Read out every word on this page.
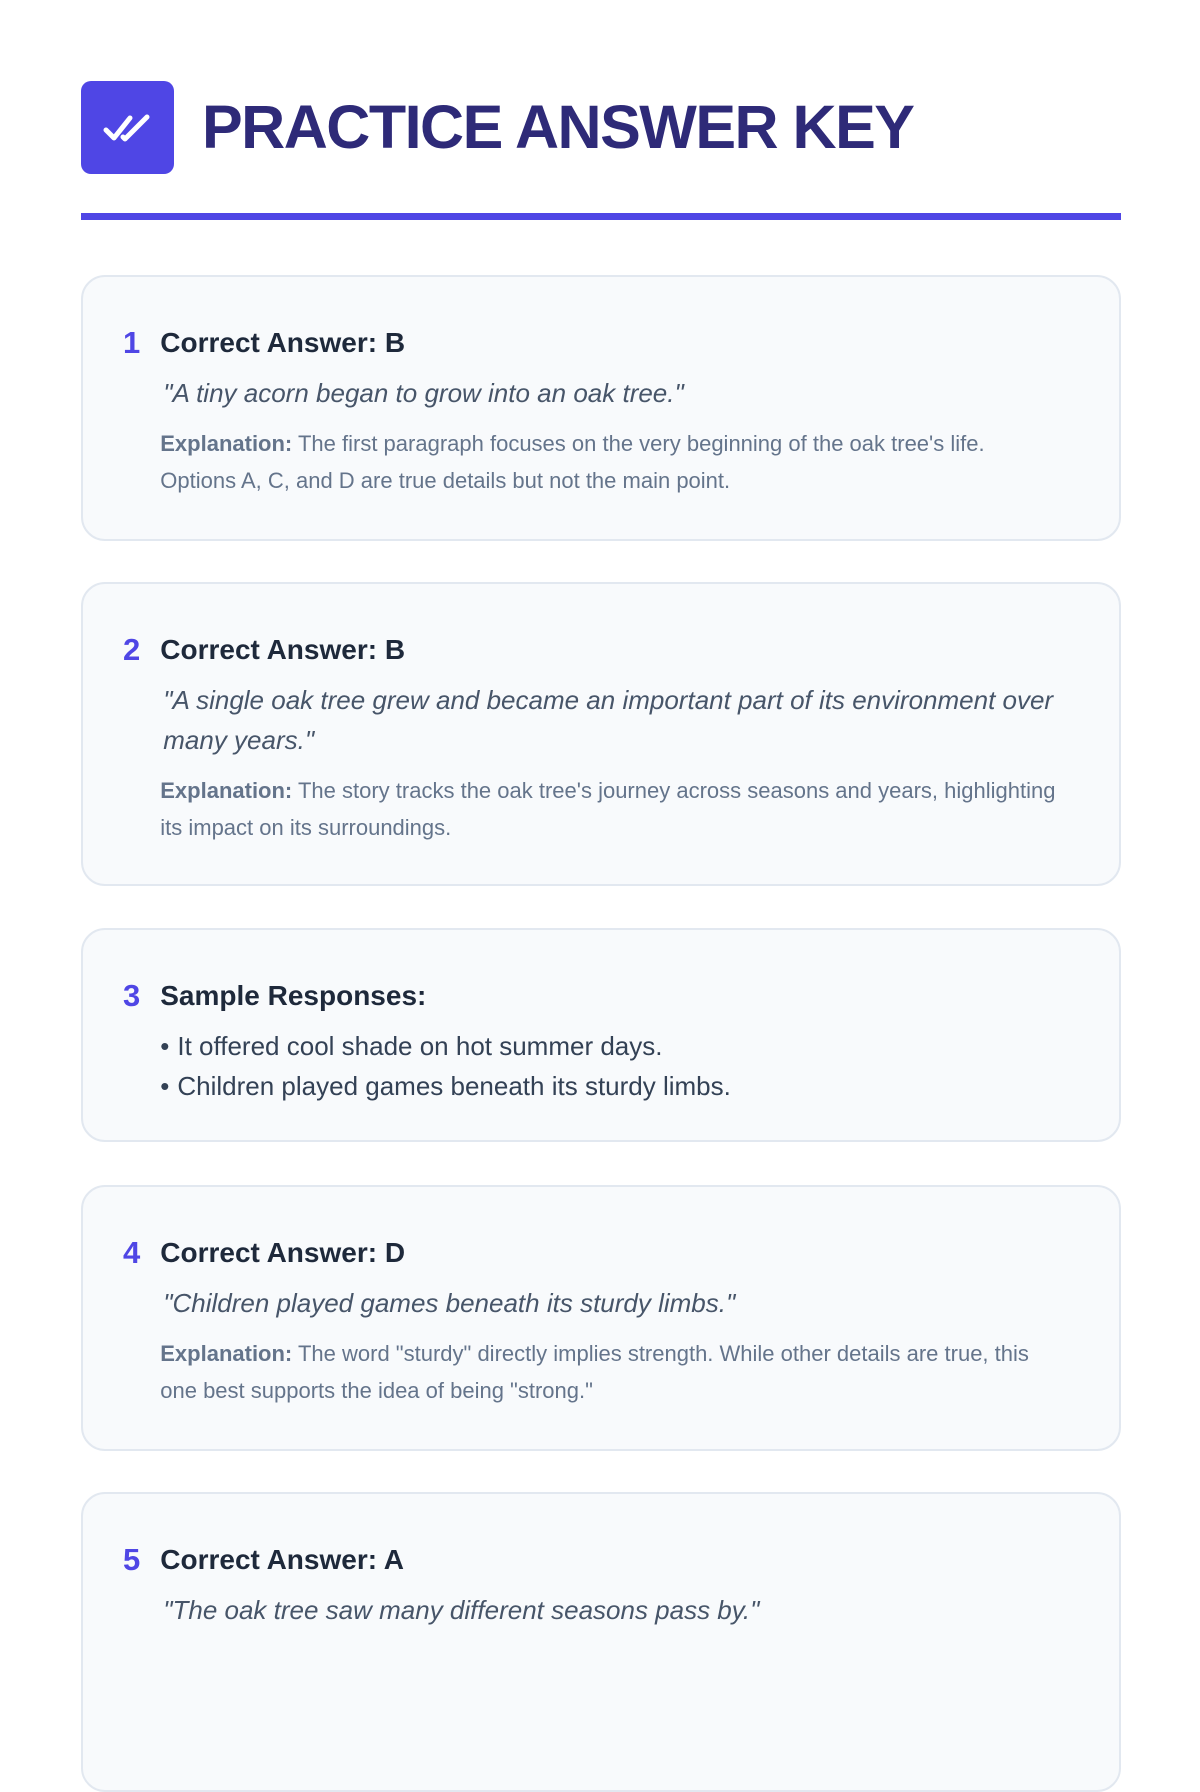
PRACTICE ANSWER KEY
1 Correct Answer: B
"A tiny acorn began to grow into an oak tree."

Explanation: The first paragraph focuses on the very beginning of the oak tree's life. Options A, C, and D are true details but not the main point.

2 Correct Answer: B
"A single oak tree grew and became an important part of its environment over many years."

Explanation: The story tracks the oak tree's journey across seasons and years, highlighting its impact on its surroundings.

3 Sample Responses:
• It offered cool shade on hot summer days.
• Children played games beneath its sturdy limbs.
4 Correct Answer: D
"Children played games beneath its sturdy limbs."

Explanation: The word "sturdy" directly implies strength. While other details are true, this one best supports the idea of being "strong."

5 Correct Answer: A
"The oak tree saw many different seasons pass by."
